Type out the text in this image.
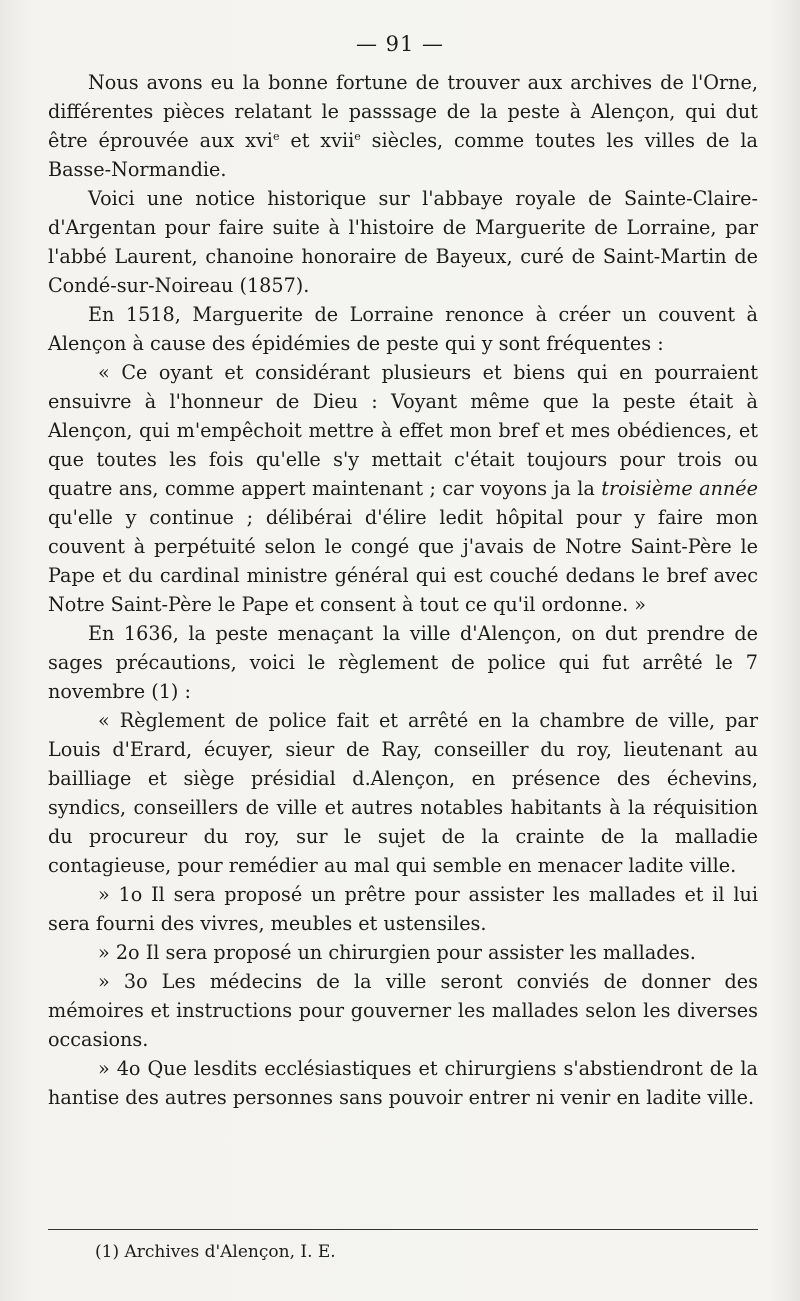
— 91 —

Nous avons eu la bonne fortune de trouver aux archives de l'Orne, différentes pièces relatant le passsage de la peste à Alençon, qui dut être éprouvée aux xvi$^e$ et xvii$^e$ siècles, comme toutes les villes de la Basse-Normandie.

Voici une notice historique sur l'abbaye royale de Sainte-Claire-d'Argentan pour faire suite à l'histoire de Marguerite de Lorraine, par l'abbé Laurent, chanoine honoraire de Bayeux, curé de Saint-Martin de Condé-sur-Noireau (1857).

En 1518, Marguerite de Lorraine renonce à créer un couvent à Alençon à cause des épidémies de peste qui y sont fréquentes :

« Ce oyant et considérant plusieurs et biens qui en pourraient ensuivre à l'honneur de Dieu : Voyant même que la peste était à Alençon, qui m'empêchoit mettre à effet mon bref et mes obédiences, et que toutes les fois qu'elle s'y mettait c'était toujours pour trois ou quatre ans, comme appert maintenant ; car voyons ja la troisième année qu'elle y continue ; délibérai d'élire ledit hôpital pour y faire mon couvent à perpétuité selon le congé que j'avais de Notre Saint-Père le Pape et du cardinal ministre général qui est couché dedans le bref avec Notre Saint-Père le Pape et consent à tout ce qu'il ordonne. »

En 1636, la peste menaçant la ville d'Alençon, on dut prendre de sages précautions, voici le règlement de police qui fut arrêté le 7 novembre (1) :

« Règlement de police fait et arrêté en la chambre de ville, par Louis d'Erard, écuyer, sieur de Ray, conseiller du roy, lieutenant au bailliage et siège présidial d.Alençon, en présence des échevins, syndics, conseillers de ville et autres notables habitants à la réquisition du procureur du roy, sur le sujet de la crainte de la malladie contagieuse, pour remédier au mal qui semble en menacer ladite ville.

» 1o Il sera proposé un prêtre pour assister les mallades et il lui sera fourni des vivres, meubles et ustensiles.

» 2o Il sera proposé un chirurgien pour assister les mallades.

» 3o Les médecins de la ville seront conviés de donner des mémoires et instructions pour gouverner les mallades selon les diverses occasions.

» 4o Que lesdits ecclésiastiques et chirurgiens s'abstiendront de la hantise des autres personnes sans pouvoir entrer ni venir en ladite ville.

(1) Archives d'Alençon, I. E.
